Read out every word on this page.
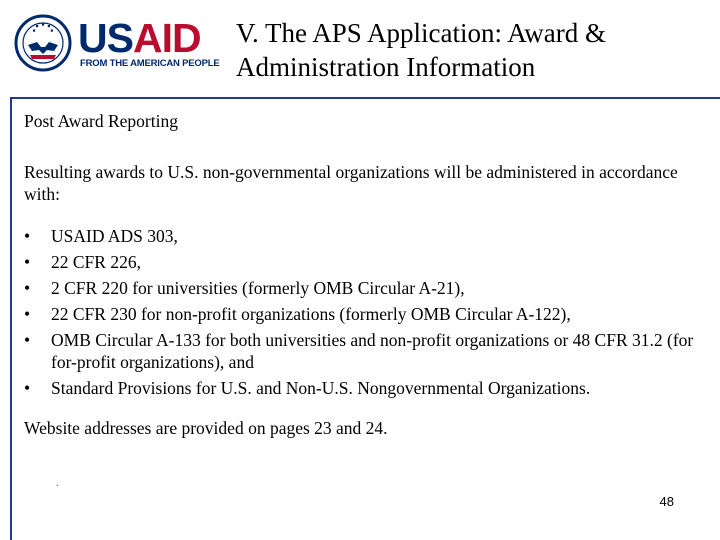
USAID
FROM THE AMERICAN PEOPLE
V. The APS Application: Award &
Administration Information

Post Award Reporting

Resulting awards to U.S. non-governmental organizations will be administered in accordance with:

• USAID ADS 303,
• 22 CFR 226,
• 2 CFR 220 for universities (formerly OMB Circular A-21),
• 22 CFR 230 for non-profit organizations (formerly OMB Circular A-122),
• OMB Circular A-133 for both universities and non-profit organizations or 48 CFR 31.2 (for for-profit organizations), and
• Standard Provisions for U.S. and Non-U.S. Nongovernmental Organizations.

Website addresses are provided on pages 23 and 24.

.
48
